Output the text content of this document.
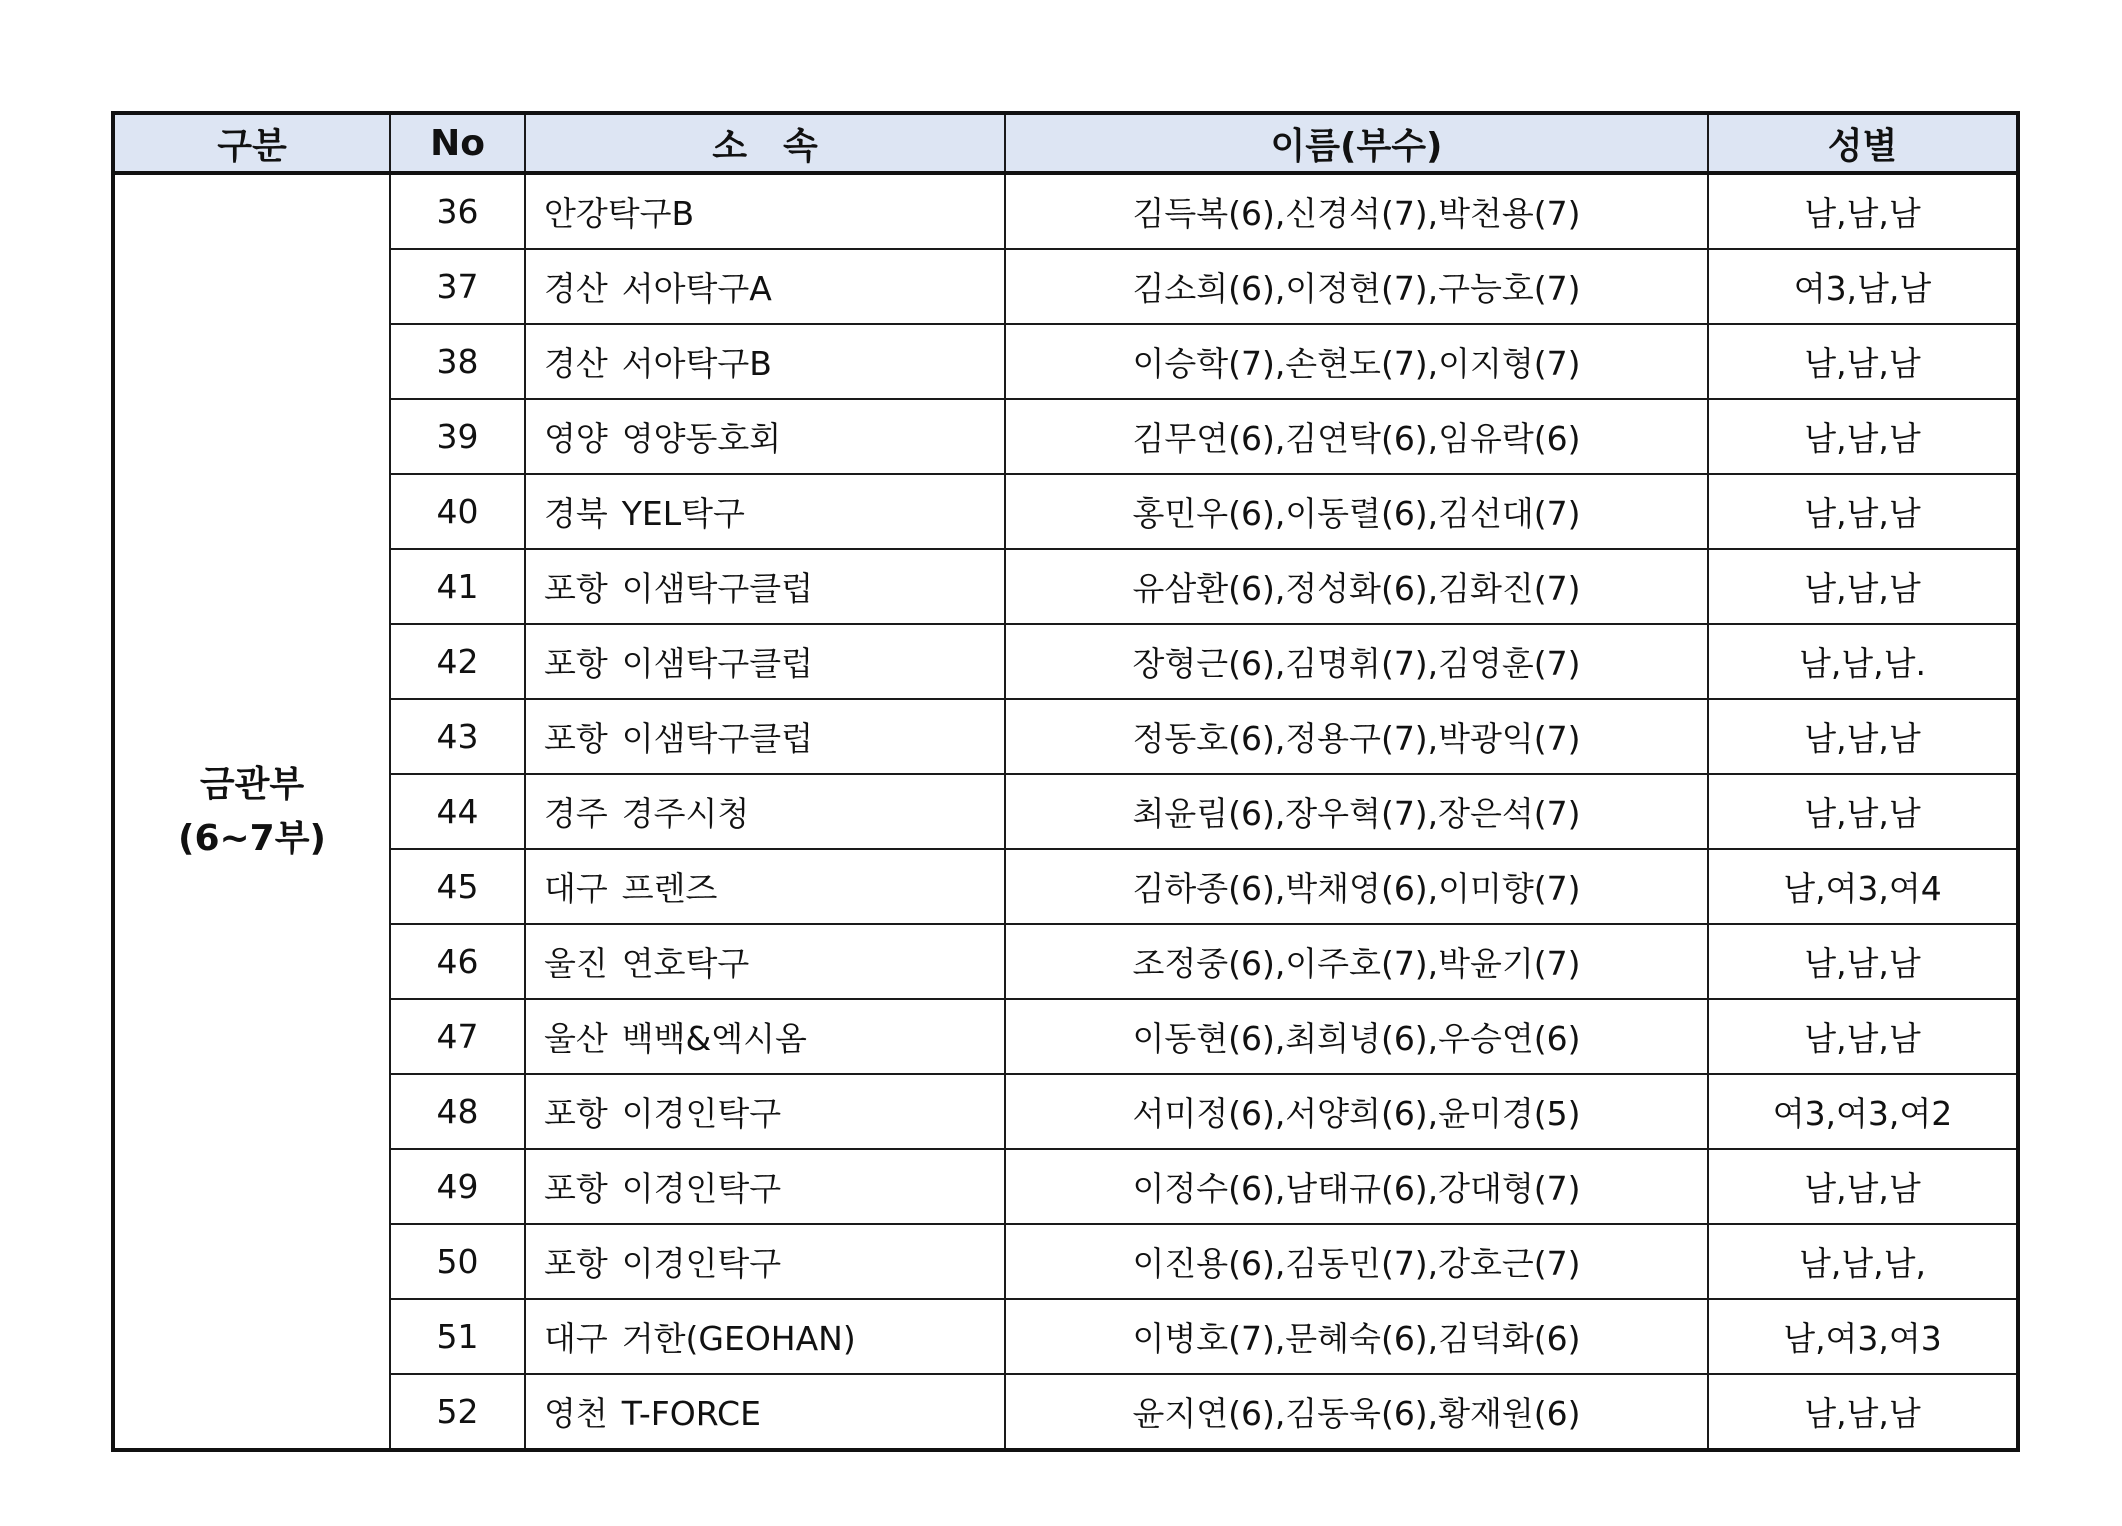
구분	No	소　속	이름(부수)	성별

금관부
(6~7부)	36	안강탁구B	김득복(6),신경석(7),박천용(7)	남,남,남
	37	경산 서아탁구A	김소희(6),이정현(7),구능호(7)	여3,남,남
	38	경산 서아탁구B	이승학(7),손현도(7),이지형(7)	남,남,남
	39	영양 영양동호회	김무연(6),김연탁(6),임유락(6)	남,남,남
	40	경북 YEL탁구	홍민우(6),이동렬(6),김선대(7)	남,남,남
	41	포항 이샘탁구클럽	유삼환(6),정성화(6),김화진(7)	남,남,남
	42	포항 이샘탁구클럽	장형근(6),김명휘(7),김영훈(7)	남,남,남.
	43	포항 이샘탁구클럽	정동호(6),정용구(7),박광익(7)	남,남,남
	44	경주 경주시청	최윤림(6),장우혁(7),장은석(7)	남,남,남
	45	대구 프렌즈	김하종(6),박채영(6),이미향(7)	남,여3,여4
	46	울진 연호탁구	조정중(6),이주호(7),박윤기(7)	남,남,남
	47	울산 백백&엑시옴	이동현(6),최희녕(6),우승연(6)	남,남,남
	48	포항 이경인탁구	서미정(6),서양희(6),윤미경(5)	여3,여3,여2
	49	포항 이경인탁구	이정수(6),남태규(6),강대형(7)	남,남,남
	50	포항 이경인탁구	이진용(6),김동민(7),강호근(7)	남,남,남,
	51	대구 거한(GEOHAN)	이병호(7),문혜숙(6),김덕화(6)	남,여3,여3
	52	영천 T-FORCE	윤지연(6),김동욱(6),황재원(6)	남,남,남
